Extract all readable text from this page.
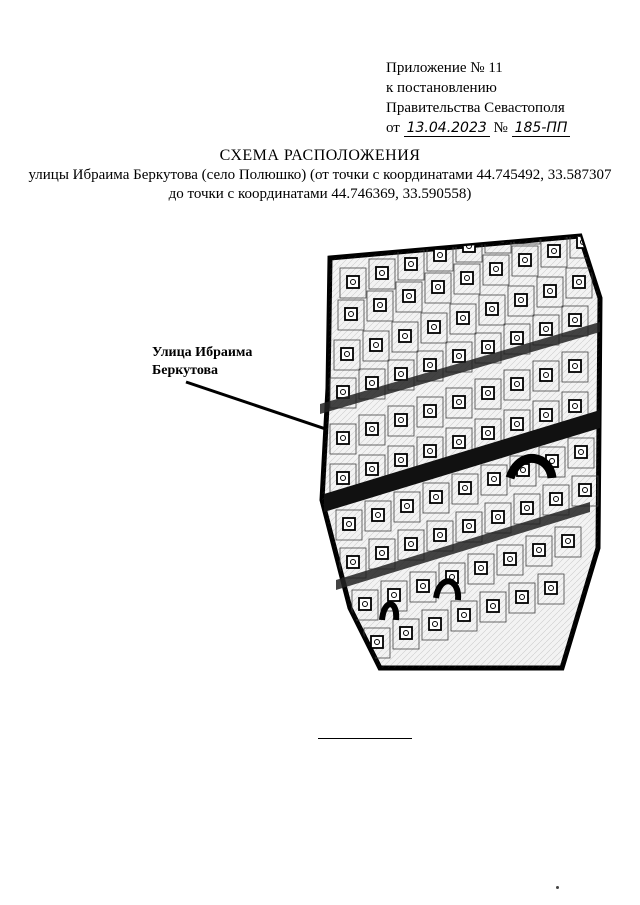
Приложение № 11
к постановлению
Правительства Севастополя
от 13.04.2023 № 185-ПП
СХЕМА РАСПОЛОЖЕНИЯ
улицы Ибраима Беркутова (село Полюшко) (от точки с координатами 44.745492, 33.587307 до точки с координатами 44.746369, 33.590558)
Улица Ибраима
Беркутова
